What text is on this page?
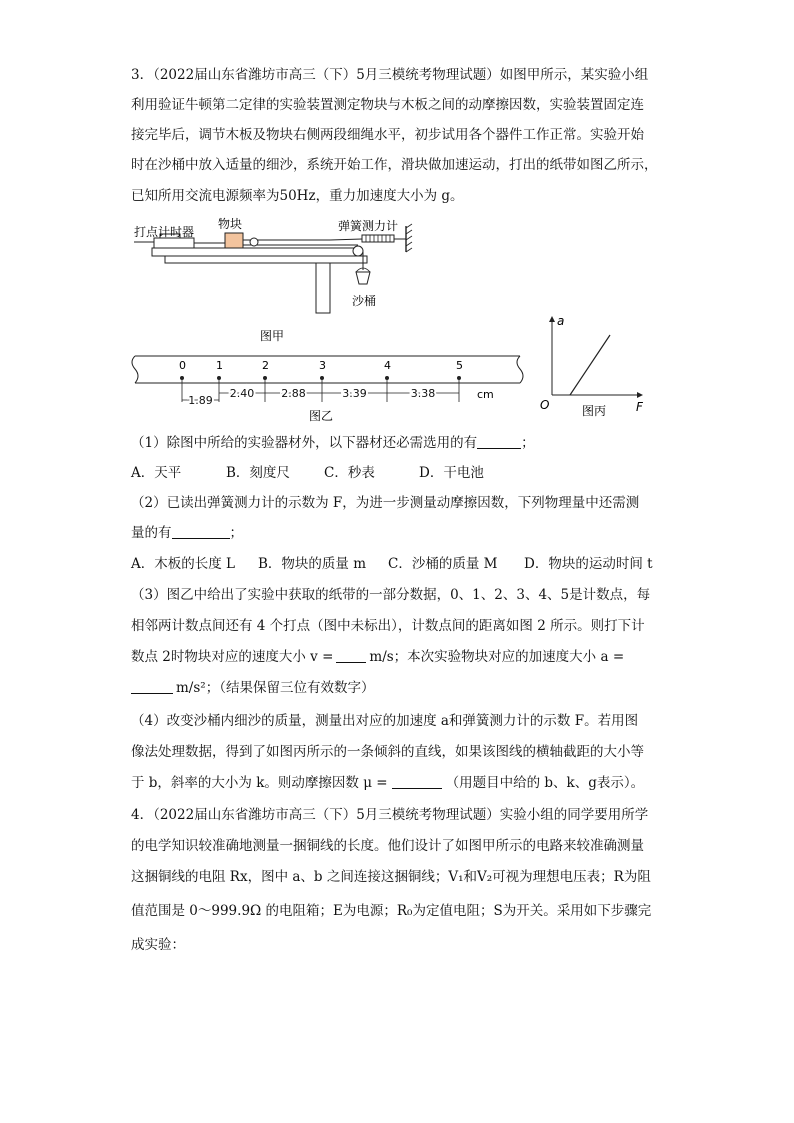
3．（2022届山东省潍坊市高三（下）5月三模统考物理试题）如图甲所示，某实验小组
利用验证牛顿第二定律的实验装置测定物块与木板之间的动摩擦因数，实验装置固定连
接完毕后，调节木板及物块右侧两段细绳水平，初步试用各个器件工作正常。实验开始
时在沙桶中放入适量的细沙，系统开始工作，滑块做加速运动，打出的纸带如图乙所示，
已知所用交流电源频率为50Hz，重力加速度大小为 g。
打点计时器
物块	弹簧测力计
沙桶
图甲
0	1	2	3	4	5
1.89
2.40 2.88	3.39	3.38	cm
图乙
a
F
O	图丙
（1）除图中所给的实验器材外，以下器材还必需选用的有	；
A．天平	B．刻度尺	C．秒表	D．干电池
（2）已读出弹簧测力计的示数为 F，为进一步测量动摩擦因数，下列物理量中还需测
量的有	；
A．木板的长度 L B．物块的质量 m C．沙桶的质量 M D．物块的运动时间 t
（3）图乙中给出了实验中获取的纸带的一部分数据，0、1、2、3、4、5是计数点，每
相邻两计数点间还有 4 个打点（图中未标出），计数点间的距离如图 2 所示。则打下计
数点 2时物块对应的速度大小 v =	m/s；本次实验物块对应的加速度大小 a =
m/s²；（结果保留三位有效数字）
（4）改变沙桶内细沙的质量，测量出对应的加速度 a和弹簧测力计的示数 F。若用图
像法处理数据，得到了如图丙所示的一条倾斜的直线，如果该图线的横轴截距的大小等
于 b，斜率的大小为 k。则动摩擦因数 μ =	（用题目中给的 b、k、g表示）。
4．（2022届山东省潍坊市高三（下）5月三模统考物理试题）实验小组的同学要用所学
的电学知识较准确地测量一捆铜线的长度。他们设计了如图甲所示的电路来较准确测量
这捆铜线的电阻 Rx，图中 a、b 之间连接这捆铜线；V₁和V₂可视为理想电压表；R为阻
值范围是 0～999.9Ω 的电阻箱；E为电源；R₀为定值电阻；S为开关。采用如下步骤完
成实验：
